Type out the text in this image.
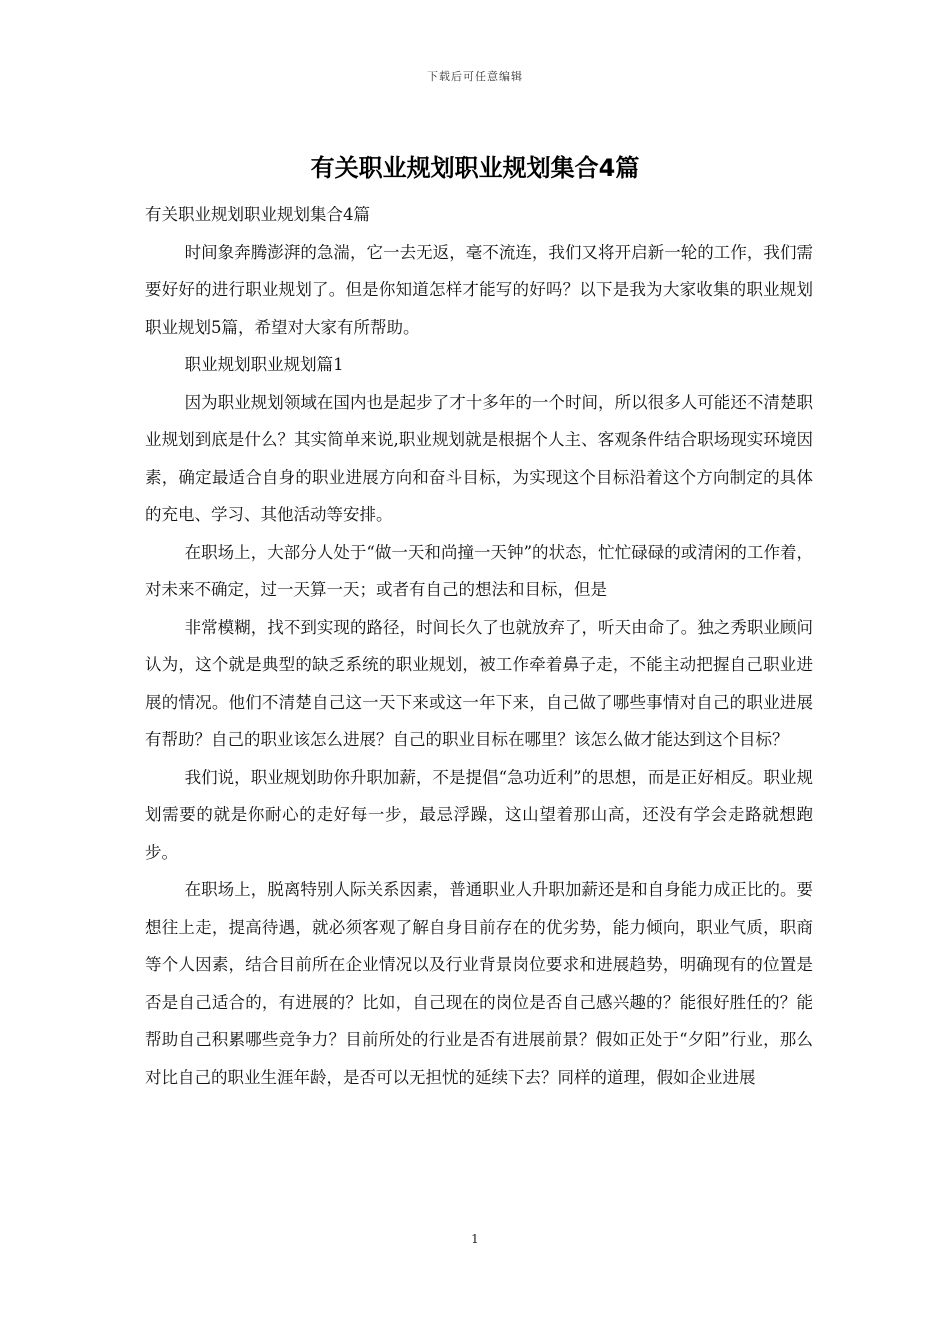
下载后可任意编辑
有关职业规划职业规划集合4篇

有关职业规划职业规划集合4篇

时间象奔腾澎湃的急湍，它一去无返，毫不流连，我们又将开启新一轮的工作，我们需要好好的进行职业规划了。但是你知道怎样才能写的好吗？以下是我为大家收集的职业规划职业规划5篇，希望对大家有所帮助。

职业规划职业规划篇1

因为职业规划领域在国内也是起步了才十多年的一个时间，所以很多人可能还不清楚职业规划到底是什么？其实简单来说,职业规划就是根据个人主、客观条件结合职场现实环境因素，确定最适合自身的职业进展方向和奋斗目标，为实现这个目标沿着这个方向制定的具体的充电、学习、其他活动等安排。

在职场上，大部分人处于“做一天和尚撞一天钟”的状态，忙忙碌碌的或清闲的工作着，对未来不确定，过一天算一天；或者有自己的想法和目标，但是

非常模糊，找不到实现的路径，时间长久了也就放弃了，听天由命了。独之秀职业顾问认为，这个就是典型的缺乏系统的职业规划，被工作牵着鼻子走，不能主动把握自己职业进展的情况。他们不清楚自己这一天下来或这一年下来，自己做了哪些事情对自己的职业进展有帮助？自己的职业该怎么进展？自己的职业目标在哪里？该怎么做才能达到这个目标？

我们说，职业规划助你升职加薪，不是提倡“急功近利”的思想，而是正好相反。职业规划需要的就是你耐心的走好每一步，最忌浮躁，这山望着那山高，还没有学会走路就想跑步。

在职场上，脱离特别人际关系因素，普通职业人升职加薪还是和自身能力成正比的。要想往上走，提高待遇，就必须客观了解自身目前存在的优劣势，能力倾向，职业气质，职商等个人因素，结合目前所在企业情况以及行业背景岗位要求和进展趋势，明确现有的位置是否是自己适合的，有进展的？比如，自己现在的岗位是否自己感兴趣的？能很好胜任的？能帮助自己积累哪些竞争力？目前所处的行业是否有进展前景？假如正处于“夕阳”行业，那么对比自己的职业生涯年龄，是否可以无担忧的延续下去？同样的道理，假如企业进展

1
